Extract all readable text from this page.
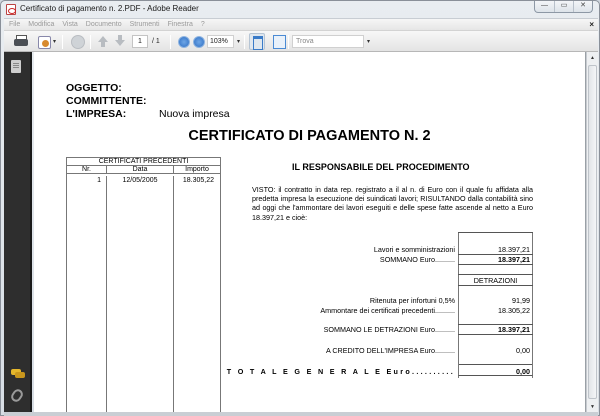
Certificato di pagamento n. 2.PDF - Adobe Reader	—	▭	✕
File Modifica Vista Documento Strumenti Finestra ?	×
▾	1	/ 1	103%	▾	Trova	▾
OGGETTO:
COMMITTENTE:
L'IMPRESA:	Nuova impresa
CERTIFICATO DI PAGAMENTO N. 2
CERTIFICATI PRECEDENTI
Nr.	Data	Importo
1	12/05/2005	18.305,22
IL RESPONSABILE DEL PROCEDIMENTO
VISTO: il contratto in data rep. registrato a il al n. di Euro con il quale fu affidata alla predetta impresa la esecuzione dei suindicati lavori; RISULTANDO dalla contabilità sino ad oggi che l'ammontare dei lavori eseguiti e delle spese fatte ascende al netto a Euro 18.397,21 e cioè:
Lavori e somministrazioni	18.397,21
SOMMANO Euro..........	18.397,21
DETRAZIONI
Ritenuta per infortuni 0,5%	91,99
Ammontare dei certificati precedenti..........	18.305,22
SOMMANO LE DETRAZIONI Euro..........	18.397,21
A CREDITO DELL'IMPRESA Euro..........	0,00
T O T A L E G E N E R A L E Euro..........	0,00
▲
▼
